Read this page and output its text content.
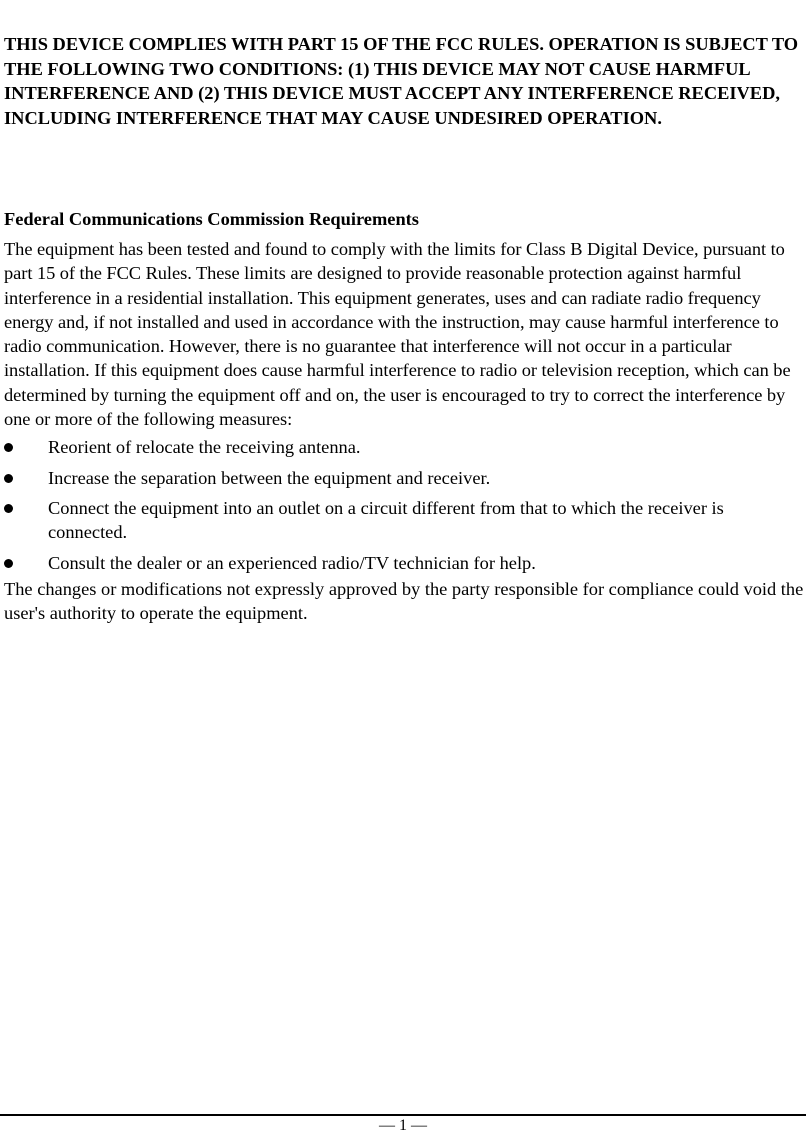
THIS DEVICE COMPLIES WITH PART 15 OF THE FCC RULES. OPERATION IS SUBJECT TO THE FOLLOWING TWO CONDITIONS: (1) THIS DEVICE MAY NOT CAUSE HARMFUL INTERFERENCE AND (2) THIS DEVICE MUST ACCEPT ANY INTERFERENCE RECEIVED, INCLUDING INTERFERENCE THAT MAY CAUSE UNDESIRED OPERATION.

Federal Communications Commission Requirements

The equipment has been tested and found to comply with the limits for Class B Digital Device, pursuant to part 15 of the FCC Rules. These limits are designed to provide reasonable protection against harmful interference in a residential installation. This equipment generates, uses and can radiate radio frequency energy and, if not installed and used in accordance with the instruction, may cause harmful interference to radio communication. However, there is no guarantee that interference will not occur in a particular installation. If this equipment does cause harmful interference to radio or television reception, which can be determined by turning the equipment off and on, the user is encouraged to try to correct the interference by one or more of the following measures:

Reorient of relocate the receiving antenna.
Increase the separation between the equipment and receiver.
Connect the equipment into an outlet on a circuit different from that to which the receiver is connected.
Consult the dealer or an experienced radio/TV technician for help.

The changes or modifications not expressly approved by the party responsible for compliance could void the user's authority to operate the equipment.

— 1 —
